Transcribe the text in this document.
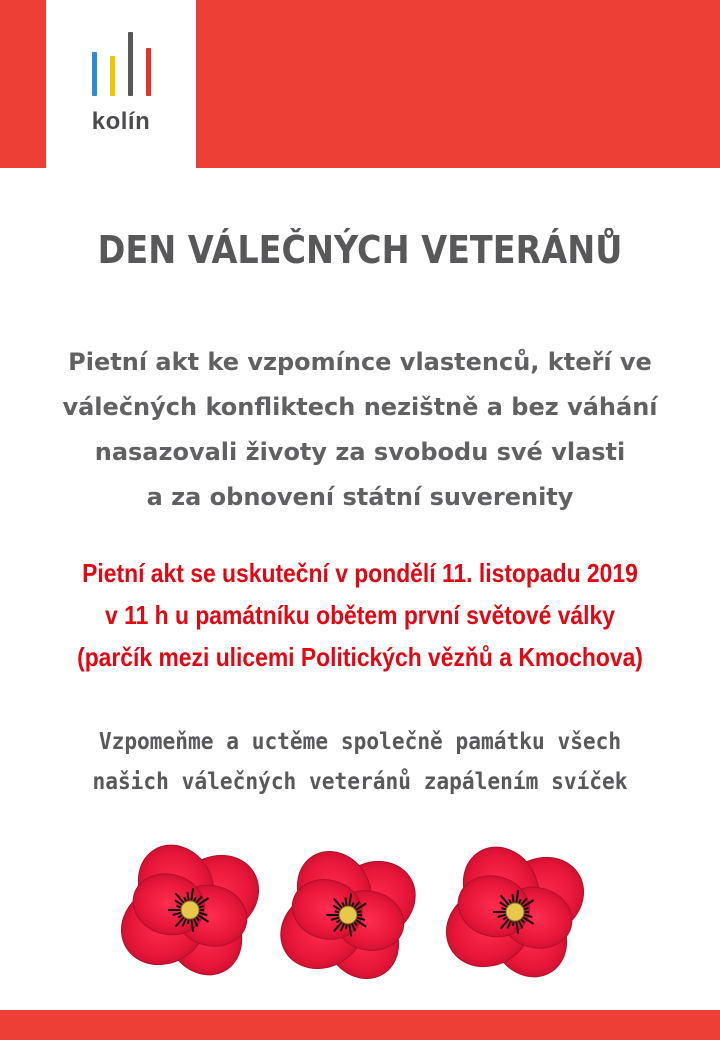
kolín
DEN VÁLEČNÝCH VETERÁNŮ
Pietní akt ke vzpomínce vlastenců, kteří ve
válečných konfliktech nezištně a bez váhání
nasazovali životy za svobodu své vlasti
a za obnovení státní suverenity
Pietní akt se uskuteční v pondělí 11. listopadu 2019
v 11 h u památníku obětem první světové války
(parčík mezi ulicemi Politických vězňů a Kmochova)
Vzpomeňme a uctěme společně památku všech
našich válečných veteránů zapálením svíček
